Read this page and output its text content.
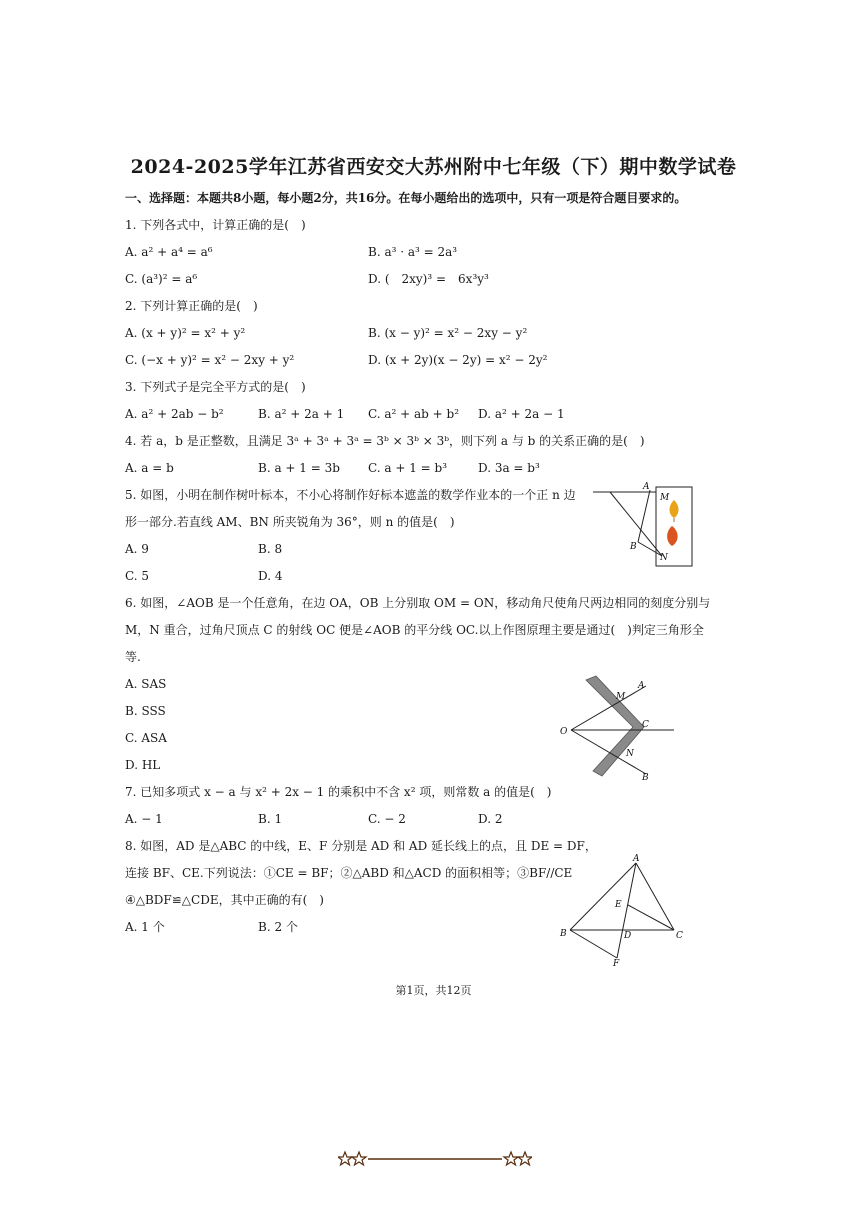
2024-2025学年江苏省西安交大苏州附中七年级（下）期中数学试卷
一、选择题：本题共8小题，每小题2分，共16分。在每小题给出的选项中，只有一项是符合题目要求的。
1. 下列各式中，计算正确的是(　)
A. a² + a⁴ = a⁶	B. a³ · a³ = 2a³
C. (a³)² = a⁶	D. (　2xy)³ =　6x³y³
2. 下列计算正确的是(　)
A. (x + y)² = x² + y²	B. (x − y)² = x² − 2xy − y²
C. (−x + y)² = x² − 2xy + y²	D. (x + 2y)(x − 2y) = x² − 2y²
3. 下列式子是完全平方式的是(　)
A. a² + 2ab − b²	B. a² + 2a + 1 C. a² + ab + b² D. a² + 2a − 1
4. 若 a，b 是正整数，且满足 3ᵃ + 3ᵃ + 3ᵃ = 3ᵇ × 3ᵇ × 3ᵇ，则下列 a 与 b 的关系正确的是(　)
A. a = b	B. a + 1 = 3b C. a + 1 = b³	D. 3a = b³
5. 如图，小明在制作树叶标本，不小心将制作好标本遮盖的数学作业本的一个正 n 边
形一部分.若直线 AM、BN 所夹锐角为 36°，则 n 的值是(　)
A. 9	B. 8
C. 5	D. 4
A
M
B
N
6. 如图，∠AOB 是一个任意角，在边 OA，OB 上分别取 OM = ON，移动角尺使角尺两边相同的刻度分别与
M，N 重合，过角尺顶点 C 的射线 OC 便是∠AOB 的平分线 OC.以上作图原理主要是通过(　)判定三角形全
等.
A. SAS
B. SSS
C. ASA
D. HL
O
A
M
C
N
B
7. 已知多项式 x − a 与 x² + 2x − 1 的乘积中不含 x² 项，则常数 a 的值是(　)
A. − 1	B. 1	C. − 2	D. 2
8. 如图，AD 是△ABC 的中线，E、F 分别是 AD 和 AD 延长线上的点，且 DE = DF，
连接 BF、CE.下列说法：①CE = BF；②△ABD 和△ACD 的面积相等；③BF//CE
④△BDF≌△CDE，其中正确的有(　)
A. 1 个	B. 2 个
A
E
B	D	C
F
第1页，共12页
